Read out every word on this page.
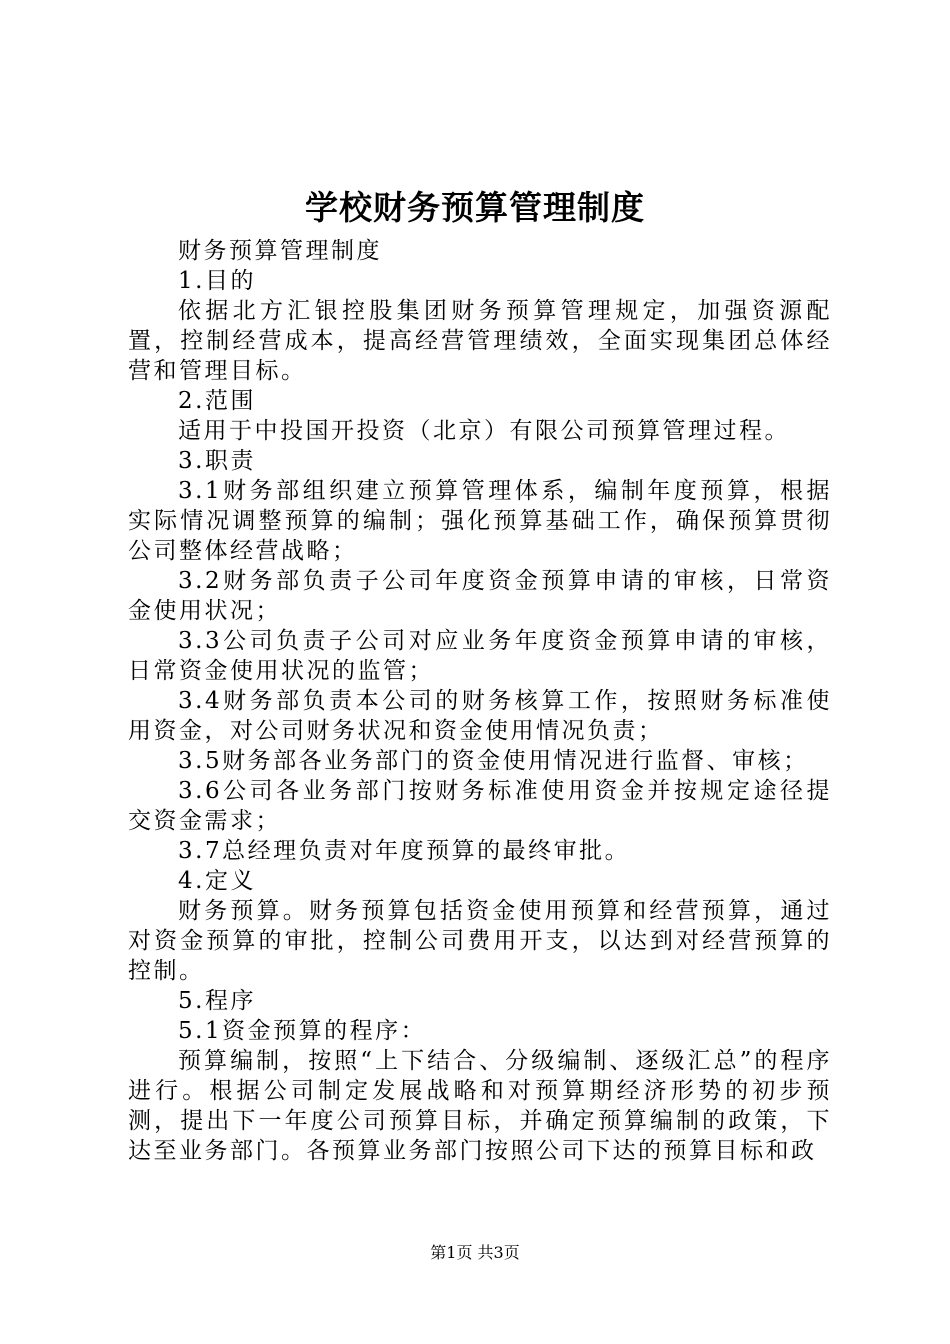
学校财务预算管理制度

财务预算管理制度

1.目的

依据北方汇银控股集团财务预算管理规定，加强资源配置，控制经营成本，提高经营管理绩效，全面实现集团总体经营和管理目标。

2.范围

适用于中投国开投资（北京）有限公司预算管理过程。

3.职责

3.1财务部组织建立预算管理体系，编制年度预算，根据实际情况调整预算的编制；强化预算基础工作，确保预算贯彻公司整体经营战略；

3.2财务部负责子公司年度资金预算申请的审核，日常资金使用状况；

3.3公司负责子公司对应业务年度资金预算申请的审核，日常资金使用状况的监管；

3.4财务部负责本公司的财务核算工作，按照财务标准使用资金，对公司财务状况和资金使用情况负责；

3.5财务部各业务部门的资金使用情况进行监督、审核；

3.6公司各业务部门按财务标准使用资金并按规定途径提交资金需求；

3.7总经理负责对年度预算的最终审批。

4.定义

财务预算。财务预算包括资金使用预算和经营预算，通过对资金预算的审批，控制公司费用开支，以达到对经营预算的控制。

5.程序

5.1资金预算的程序：

预算编制，按照“上下结合、分级编制、逐级汇总”的程序进行。根据公司制定发展战略和对预算期经济形势的初步预测，提出下一年度公司预算目标，并确定预算编制的政策，下达至业务部门。各预算业务部门按照公司下达的预算目标和政

第1页 共3页
